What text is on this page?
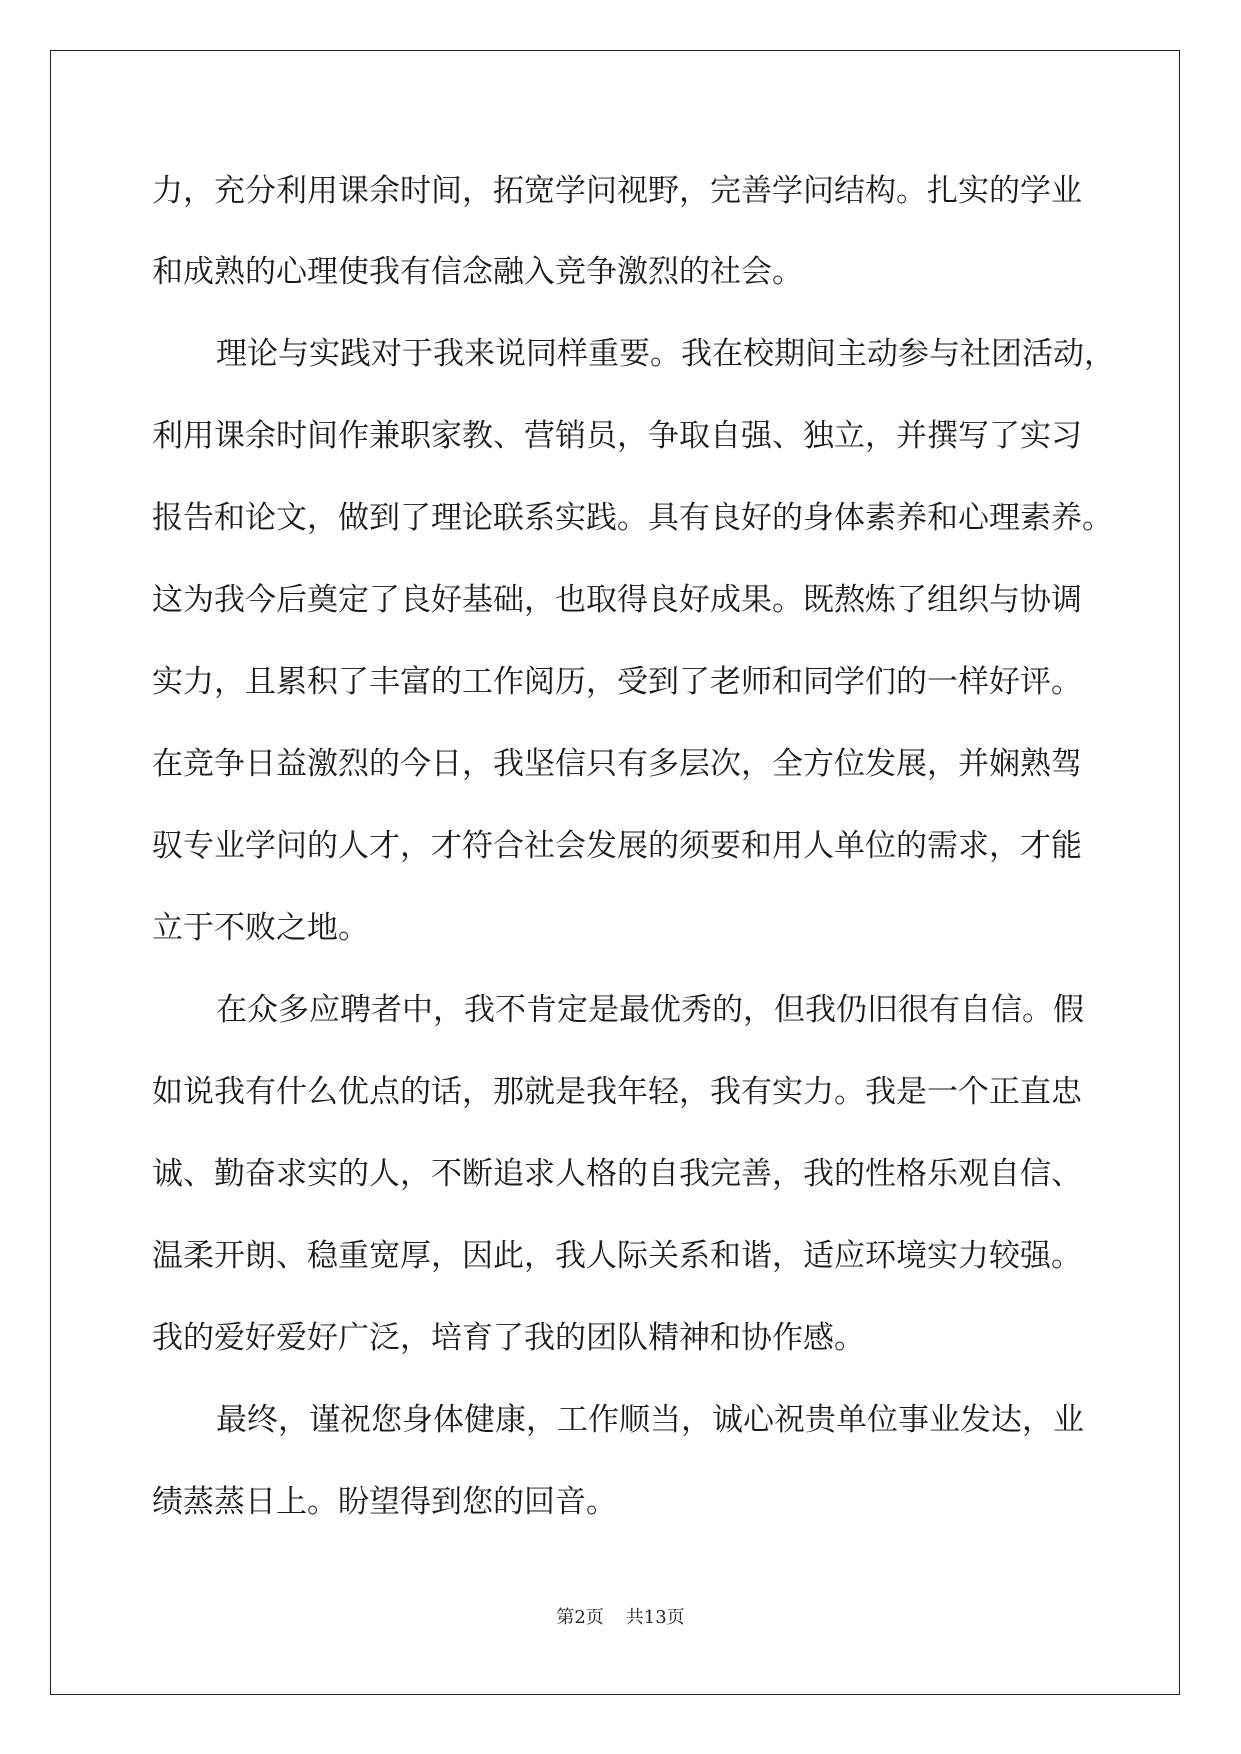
力，充分利用课余时间，拓宽学问视野，完善学问结构。扎实的学业
和成熟的心理使我有信念融入竞争激烈的社会。
理论与实践对于我来说同样重要。我在校期间主动参与社团活动，
利用课余时间作兼职家教、营销员，争取自强、独立，并撰写了实习
报告和论文，做到了理论联系实践。具有良好的身体素养和心理素养。
这为我今后奠定了良好基础，也取得良好成果。既熬炼了组织与协调
实力，且累积了丰富的工作阅历，受到了老师和同学们的一样好评。
在竞争日益激烈的今日，我坚信只有多层次，全方位发展，并娴熟驾
驭专业学问的人才，才符合社会发展的须要和用人单位的需求，才能
立于不败之地。
在众多应聘者中，我不肯定是最优秀的，但我仍旧很有自信。假
如说我有什么优点的话，那就是我年轻，我有实力。我是一个正直忠
诚、勤奋求实的人，不断追求人格的自我完善，我的性格乐观自信、
温柔开朗、稳重宽厚，因此，我人际关系和谐，适应环境实力较强。
我的爱好爱好广泛，培育了我的团队精神和协作感。
最终，谨祝您身体健康，工作顺当，诚心祝贵单位事业发达，业
绩蒸蒸日上。盼望得到您的回音。
第2页 共13页
